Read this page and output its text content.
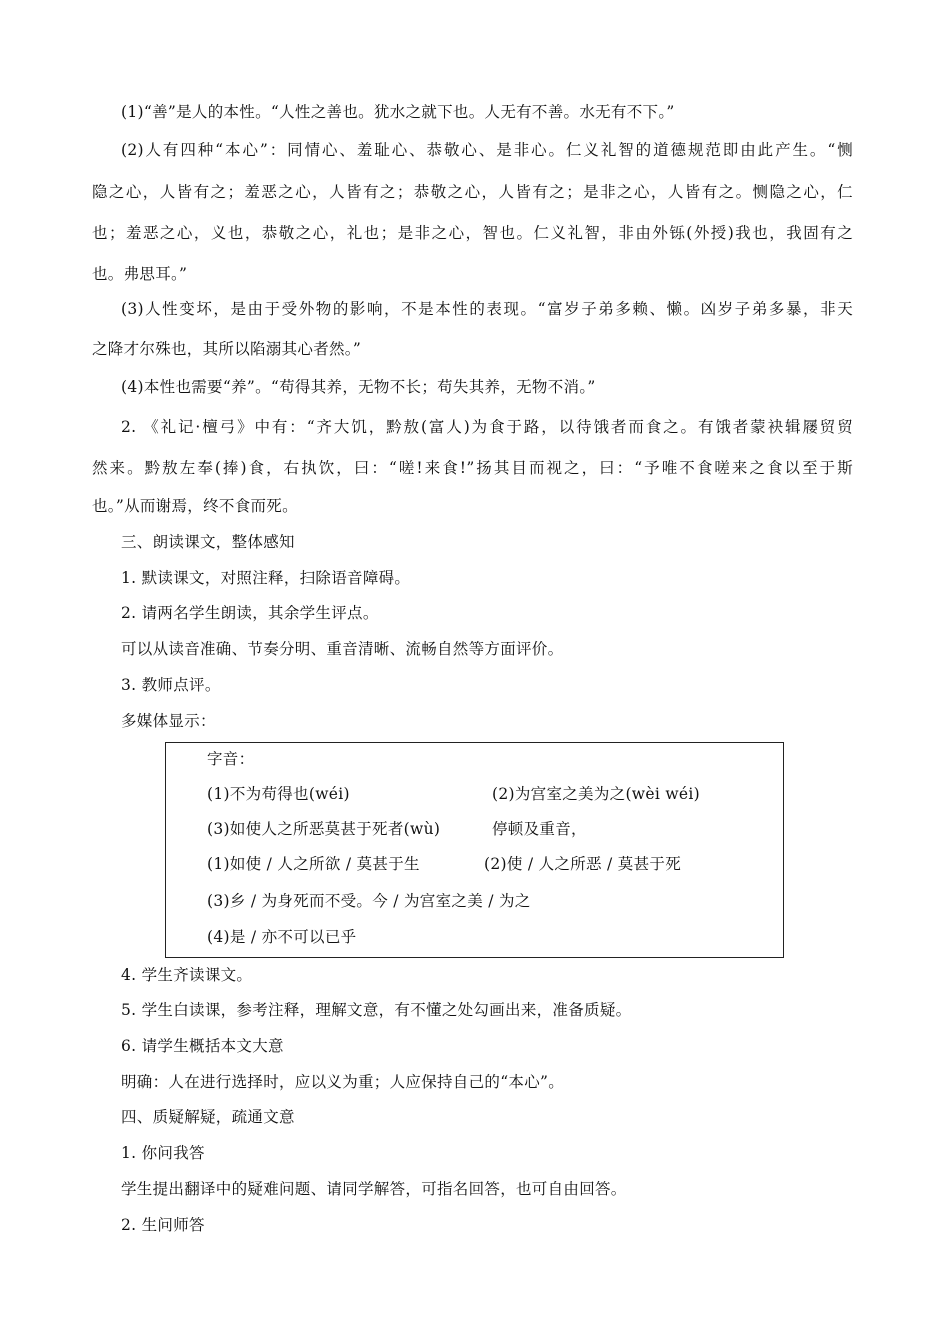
(1)“善”是人的本性。“人性之善也。犹水之就下也。人无有不善。水无有不下。”
(2)人有四种“本心”：同情心、羞耻心、恭敬心、是非心。仁义礼智的道德规范即由此产生。“恻
隐之心，人皆有之；羞恶之心，人皆有之；恭敬之心，人皆有之；是非之心，人皆有之。恻隐之心，仁
也；羞恶之心，义也，恭敬之心，礼也；是非之心，智也。仁义礼智，非由外铄(外授)我也，我固有之
也。弗思耳。”
(3)人性变坏，是由于受外物的影响，不是本性的表现。“富岁子弟多赖、懒。凶岁子弟多暴，非天
之降才尔殊也，其所以陷溺其心者然。”
(4)本性也需要“养”。“苟得其养，无物不长；苟失其养，无物不消。”
2. 《礼记·檀弓》中有：“齐大饥，黔敖(富人)为食于路，以待饿者而食之。有饿者蒙袂辑屦贸贸
然来。黔敖左奉(捧)食，右执饮，曰：“嗟!来食!”扬其目而视之，曰：“予唯不食嗟来之食以至于斯
也。”从而谢焉，终不食而死。
三、朗读课文，整体感知
1. 默读课文，对照注释，扫除语音障碍。
2. 请两名学生朗读，其余学生评点。
可以从读音准确、节奏分明、重音清晰、流畅自然等方面评价。
3. 教师点评。
多媒体显示：
字音：
(1)不为苟得也(wéi)	(2)为宫室之美为之(wèi wéi)
(3)如使人之所恶莫甚于死者(wù)	停顿及重音，
(1)如使 / 人之所欲 / 莫甚于生	(2)使 / 人之所恶 / 莫甚于死
(3)乡 / 为身死而不受。今 / 为宫室之美 / 为之
(4)是 / 亦不可以已乎
4. 学生齐读课文。
5. 学生白读课，参考注释，理解文意，有不懂之处勾画出来，准备质疑。
6. 请学生概括本文大意
明确：人在进行选择时，应以义为重；人应保持自己的“本心”。
四、质疑解疑，疏通文意
1. 你问我答
学生提出翻译中的疑难问题、请同学解答，可指名回答，也可自由回答。
2. 生问师答
